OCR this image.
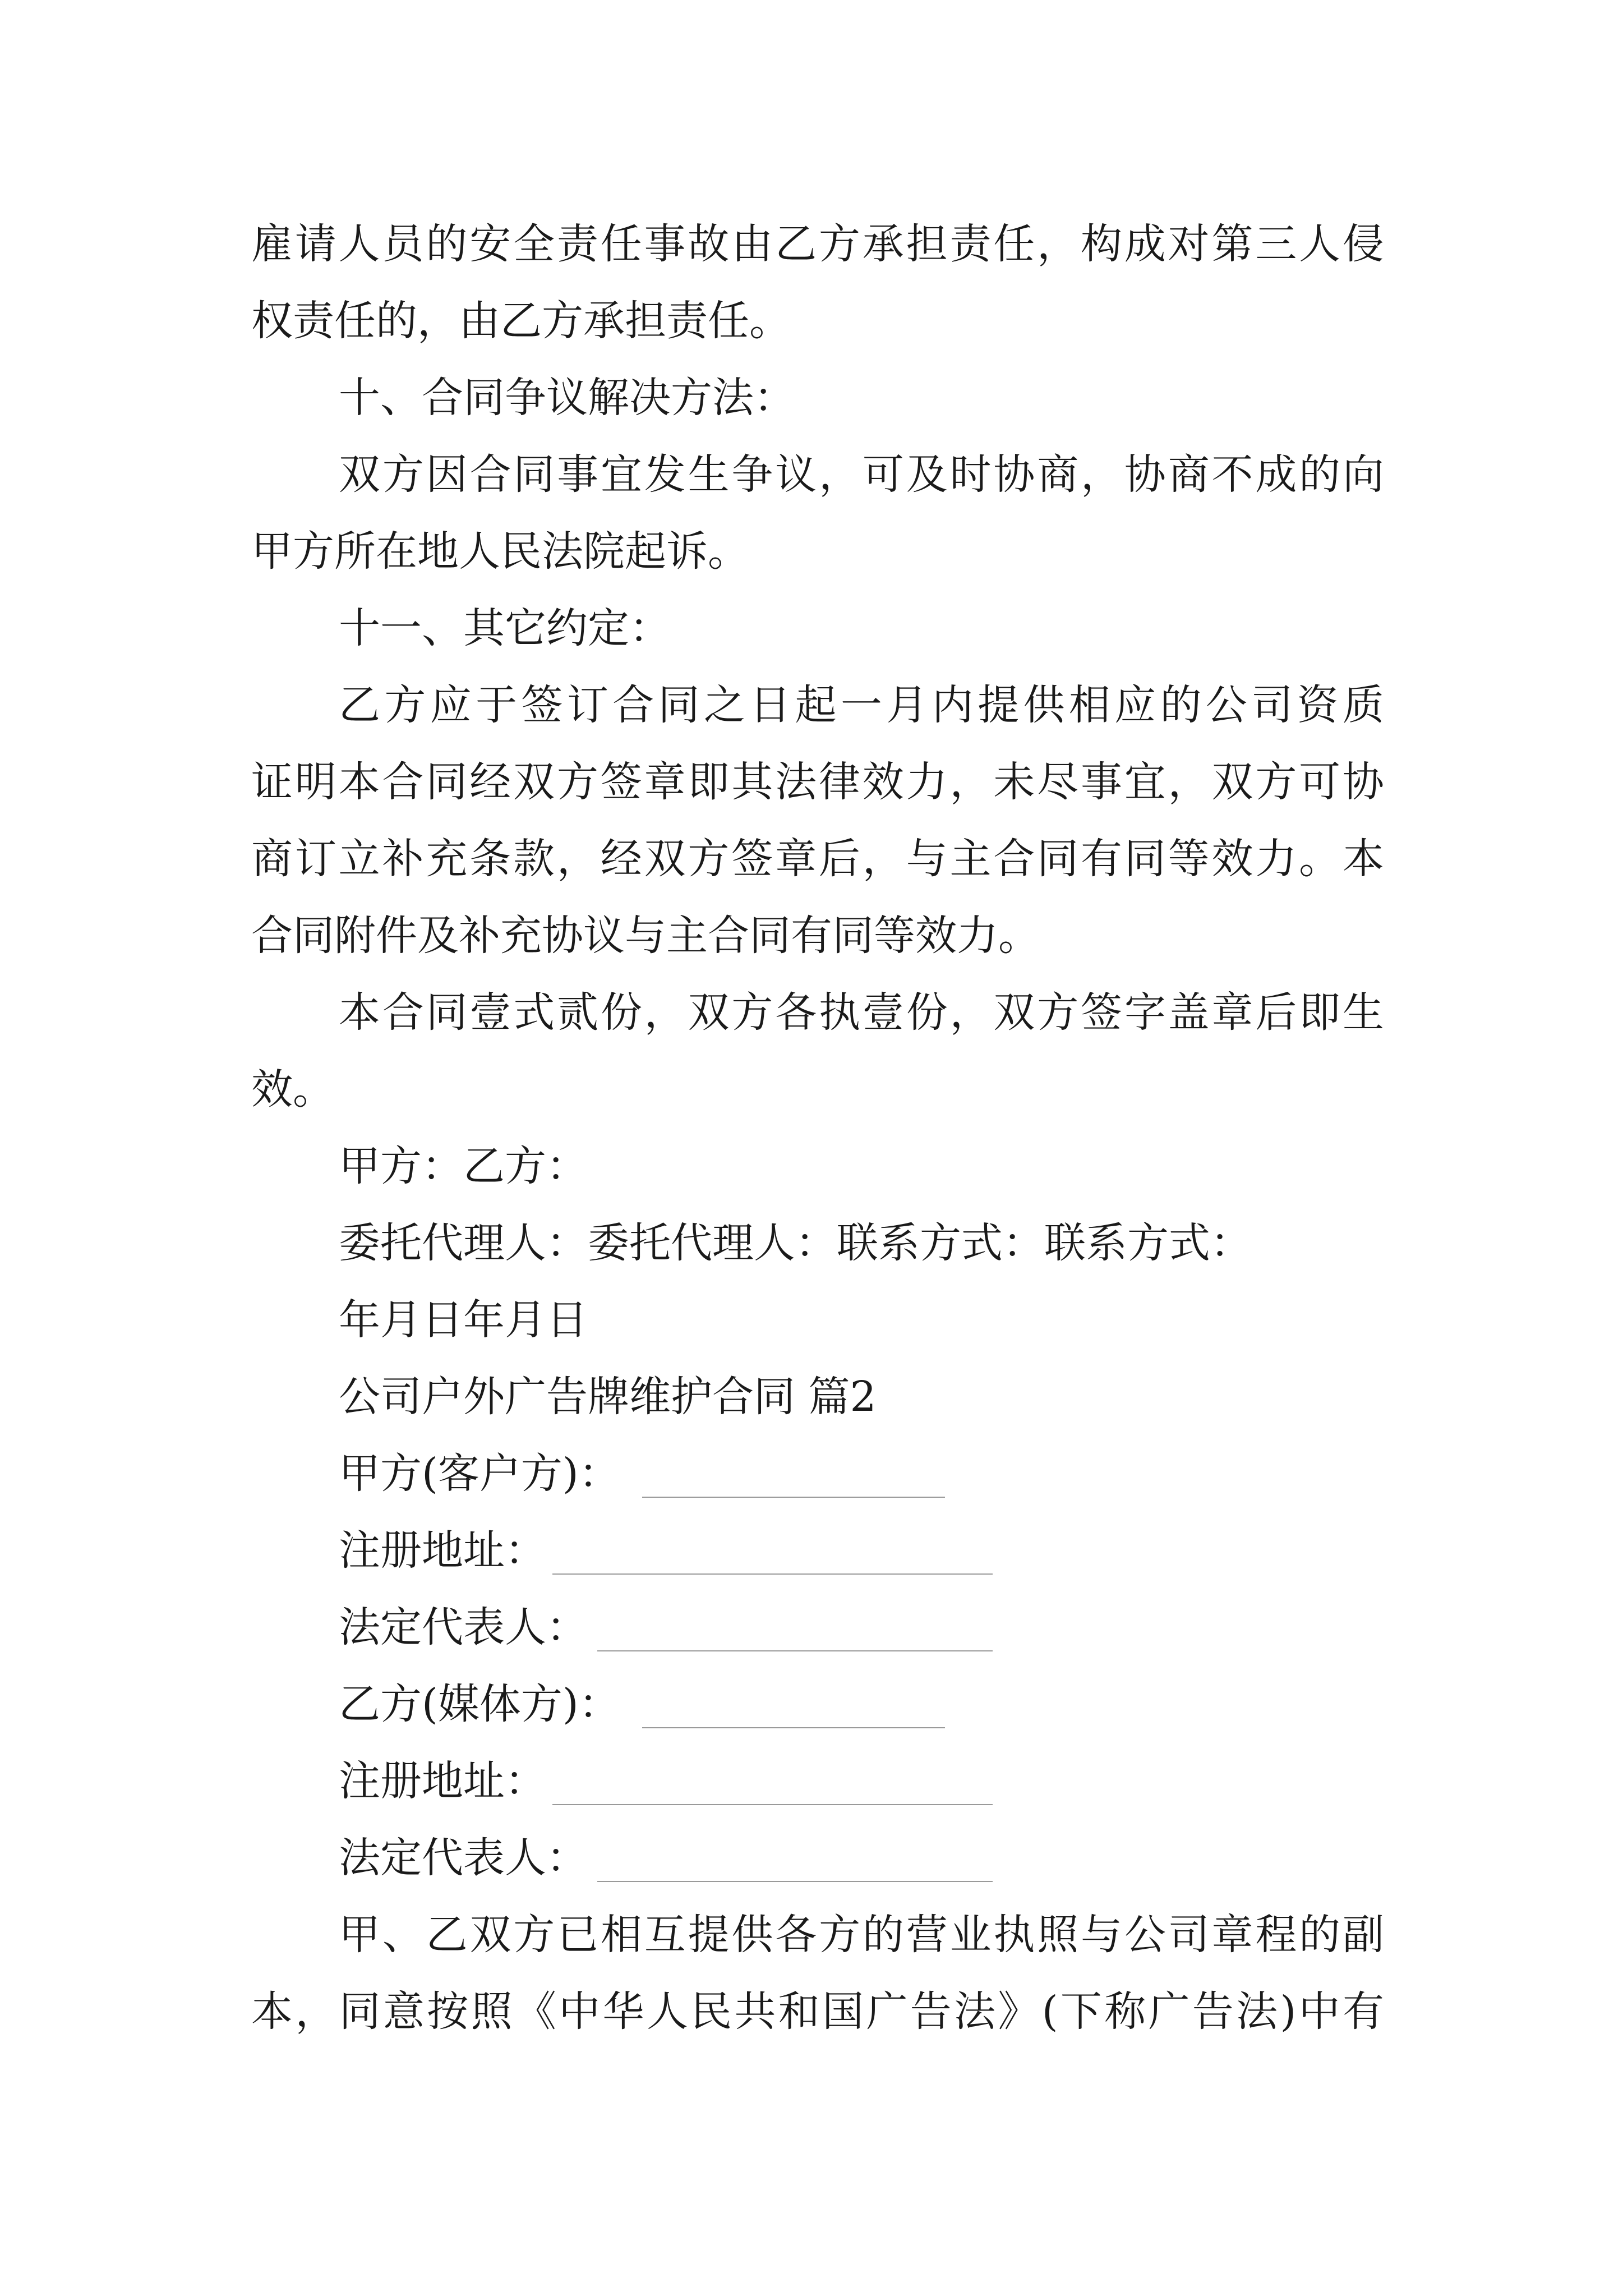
雇请人员的安全责任事故由乙方承担责任，构成对第三人侵
权责任的，由乙方承担责任。
十、合同争议解决方法：
双方因合同事宜发生争议，可及时协商，协商不成的向
甲方所在地人民法院起诉。
十一、其它约定：
乙方应于签订合同之日起一月内提供相应的公司资质
证明本合同经双方签章即其法律效力，未尽事宜，双方可协
商订立补充条款，经双方签章后，与主合同有同等效力。本
合同附件及补充协议与主合同有同等效力。
本合同壹式贰份，双方各执壹份，双方签字盖章后即生
效。
甲方：乙方：
委托代理人：委托代理人：联系方式：联系方式：
年月日年月日
公司户外广告牌维护合同 篇2
甲方(客户方)：
注册地址：
法定代表人：
乙方(媒体方)：
注册地址：
法定代表人：
甲、乙双方已相互提供各方的营业执照与公司章程的副
本，同意按照《中华人民共和国广告法》(下称广告法)中有
